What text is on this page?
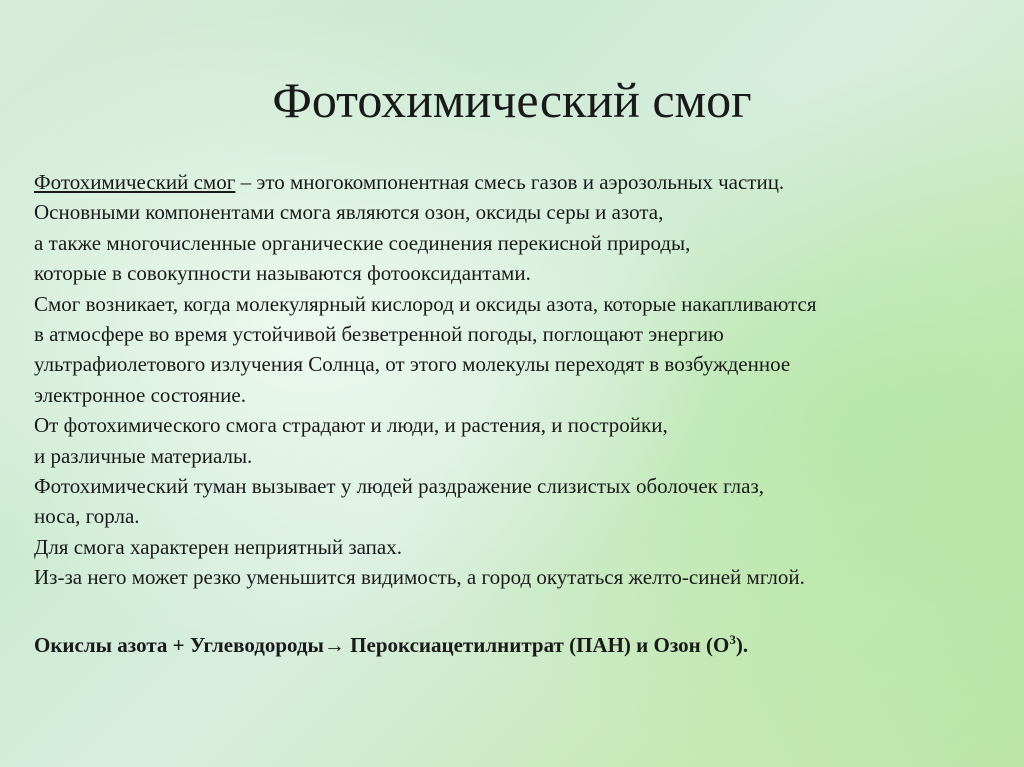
Фотохимический смог
Фотохимический смог – это многокомпонентная смесь газов и аэрозольных частиц.
Основными компонентами смога являются озон, оксиды серы и азота,
а также многочисленные органические соединения перекисной природы,
которые в совокупности называются фотооксидантами.
Смог возникает, когда молекулярный кислород и оксиды азота, которые накапливаются
в атмосфере во время устойчивой безветренной погоды, поглощают энергию
ультрафиолетового излучения Солнца, от этого молекулы переходят в возбужденное
электронное состояние.
От фотохимического смога страдают и люди, и растения, и постройки,
и различные материалы.
Фотохимический туман вызывает у людей раздражение слизистых оболочек глаз,
носа, горла.
Для смога характерен неприятный запах.
Из-за него может резко уменьшится видимость, а город окутаться желто-синей мглой.
Окислы азота + Углеводороды→ Пероксиацетилнитрат (ПАН) и Озон $(О^3)$.
